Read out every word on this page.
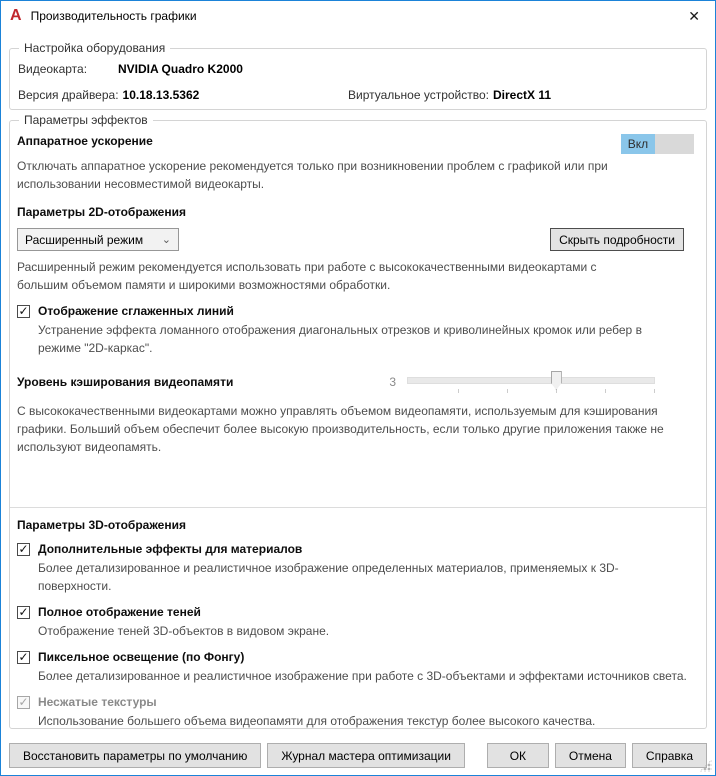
A Производительность графики	✕
Настройка оборудования
Видеокарта:	NVIDIA Quadro K2000
Версия драйвера: 10.18.13.5362	Виртуальное устройство: DirectX 11
Параметры эффектов
Аппаратное ускорение	Вкл

Отключать аппаратное ускорение рекомендуется только при возникновении проблем с графикой или при использовании несовместимой видеокарты.

Параметры 2D-отображения
Расширенный режим ⌄	Скрыть подробности

Расширенный режим рекомендуется использовать при работе с высококачественными видеокартами с большим объемом памяти и широкими возможностями обработки.

✓ Отображение сглаженных линий

Устранение эффекта ломанного отображения диагональных отрезков и криволинейных кромок или ребер в режиме "2D-каркас".

Уровень кэширования видеопамяти	3

С высококачественными видеокартами можно управлять объемом видеопамяти, используемым для кэширования графики. Больший объем обеспечит более высокую производительность, если только другие приложения также не используют видеопамять.

Параметры 3D-отображения
✓ Дополнительные эффекты для материалов

Более детализированное и реалистичное изображение определенных материалов, применяемых к 3D-поверхности.

✓ Полное отображение теней

Отображение теней 3D-объектов в видовом экране.

✓ Пиксельное освещение (по Фонгу)

Более детализированное и реалистичное изображение при работе с 3D-объектами и эффектами источников света.

✓ Несжатые текстуры

Использование большего объема видеопамяти для отображения текстур более высокого качества.

Восстановить параметры по умолчанию	Журнал мастера оптимизации	ОК	Отмена	Справка
